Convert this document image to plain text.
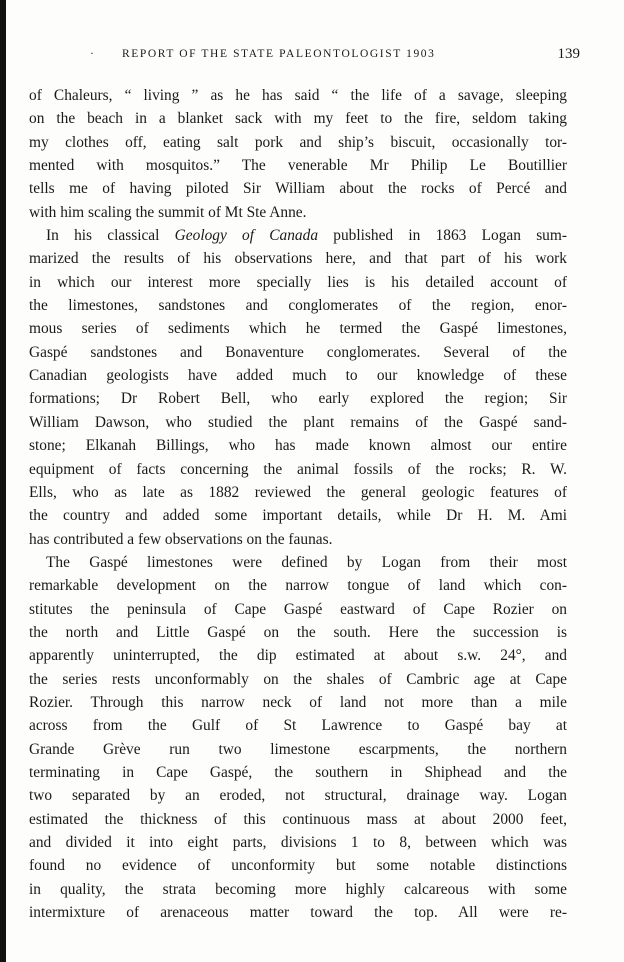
· REPORT OF THE STATE PALEONTOLOGIST 1903	139
of Chaleurs, “ living ” as he has said “ the life of a savage, sleeping
on the beach in a blanket sack with my feet to the fire, seldom taking
my clothes off, eating salt pork and ship’s biscuit, occasionally tor-
mented with mosquitos.” The venerable Mr Philip Le Boutillier
tells me of having piloted Sir William about the rocks of Percé and
with him scaling the summit of Mt Ste Anne.
In his classical Geology of Canada published in 1863 Logan sum-
marized the results of his observations here, and that part of his work
in which our interest more specially lies is his detailed account of
the limestones, sandstones and conglomerates of the region, enor-
mous series of sediments which he termed the Gaspé limestones,
Gaspé sandstones and Bonaventure conglomerates. Several of the
Canadian geologists have added much to our knowledge of these
formations; Dr Robert Bell, who early explored the region; Sir
William Dawson, who studied the plant remains of the Gaspé sand-
stone; Elkanah Billings, who has made known almost our entire
equipment of facts concerning the animal fossils of the rocks; R. W.
Ells, who as late as 1882 reviewed the general geologic features of
the country and added some important details, while Dr H. M. Ami
has contributed a few observations on the faunas.
The Gaspé limestones were defined by Logan from their most
remarkable development on the narrow tongue of land which con-
stitutes the peninsula of Cape Gaspé eastward of Cape Rozier on
the north and Little Gaspé on the south. Here the succession is
apparently uninterrupted, the dip estimated at about s.w. 24°, and
the series rests unconformably on the shales of Cambric age at Cape
Rozier. Through this narrow neck of land not more than a mile
across from the Gulf of St Lawrence to Gaspé bay at
Grande Grève run two limestone escarpments, the northern
terminating in Cape Gaspé, the southern in Shiphead and the
two separated by an eroded, not structural, drainage way. Logan
estimated the thickness of this continuous mass at about 2000 feet,
and divided it into eight parts, divisions 1 to 8, between which was
found no evidence of unconformity but some notable distinctions
in quality, the strata becoming more highly calcareous with some
intermixture of arenaceous matter toward the top. All were re-
